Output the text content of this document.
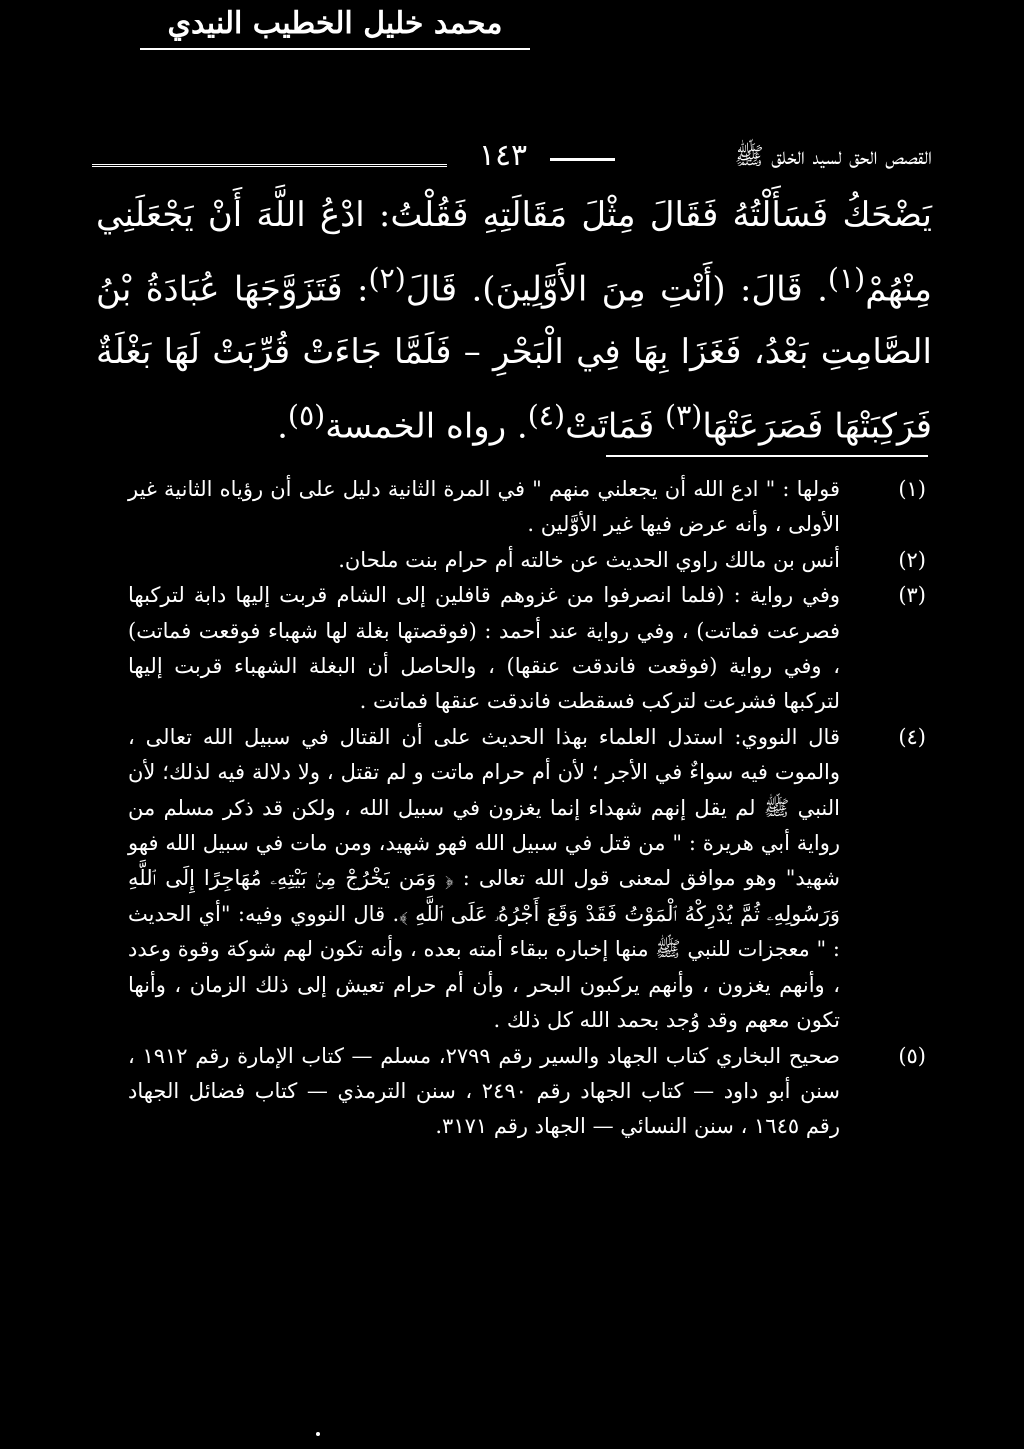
محمد خليل الخطيب النيدي
١٤٣	القصص الحق لسيد الخلق ﷺ

يَضْحَكُ فَسَأَلْتُهُ فَقَالَ مِثْلَ مَقَالَتِهِ فَقُلْتُ: ادْعُ اللَّهَ أَنْ يَجْعَلَنِي مِنْهُمْ$^{(١)}$. قَالَ: (أَنْتِ مِنَ الأَوَّلِينَ). قَالَ$^{(٢)}$: فَتَزَوَّجَهَا عُبَادَةُ بْنُ الصَّامِتِ بَعْدُ، فَغَزَا بِهَا فِي الْبَحْرِ – فَلَمَّا جَاءَتْ قُرِّبَتْ لَهَا بَغْلَةٌ فَرَكِبَتْهَا فَصَرَعَتْهَا$^{(٣)}$ فَمَاتَتْ$^{(٤)}$. رواه الخمسة$^{(٥)}$.

(١)
قولها : " ادع الله أن يجعلني منهم " في المرة الثانية دليل على أن رؤياه الثانية غير الأولى ، وأنه عرض فيها غير الأوَّلين .

(٢)
أنس بن مالك راوي الحديث عن خالته أم حرام بنت ملحان.

(٣)
وفي رواية : (فلما انصرفوا من غزوهم قافلين إلى الشام قربت إليها دابة لتركبها فصرعت فماتت) ، وفي رواية عند أحمد : (فوقصتها بغلة لها شهباء فوقعت فماتت) ، وفي رواية (فوقعت فاندقت عنقها) ، والحاصل أن البغلة الشهباء قربت إليها لتركبها فشرعت لتركب فسقطت فاندقت عنقها فماتت .

(٤)
قال النووي: استدل العلماء بهذا الحديث على أن القتال في سبيل الله تعالى ، والموت فيه سواءٌ في الأجر ؛ لأن أم حرام ماتت و لم تقتل ، ولا دلالة فيه لذلك؛ لأن النبي ﷺ لم يقل إنهم شهداء إنما يغزون في سبيل الله ، ولكن قد ذكر مسلم من رواية أبي هريرة : " من قتل في سبيل الله فهو شهيد، ومن مات في سبيل الله فهو شهيد" وهو موافق لمعنى قول الله تعالى : ﴿ وَمَن يَخْرُجْ مِنۢ بَيْتِهِۦ مُهَاجِرًا إِلَى ٱللَّهِ وَرَسُولِهِۦ ثُمَّ يُدْرِكْهُ ٱلْمَوْتُ فَقَدْ وَقَعَ أَجْرُهُۥ عَلَى ٱللَّهِ ﴾. قال النووي وفيه: "أي الحديث : " معجزات للنبي ﷺ منها إخباره ببقاء أمته بعده ، وأنه تكون لهم شوكة وقوة وعدد ، وأنهم يغزون ، وأنهم يركبون البحر ، وأن أم حرام تعيش إلى ذلك الزمان ، وأنها تكون معهم وقد وُجد بحمد الله كل ذلك .

(٥)
صحيح البخاري كتاب الجهاد والسير رقم ٢٧٩٩، مسلم — كتاب الإمارة رقم ١٩١٢ ، سنن أبو داود — كتاب الجهاد رقم ٢٤٩٠ ، سنن الترمذي — كتاب فضائل الجهاد رقم ١٦٤٥ ، سنن النسائي — الجهاد رقم ٣١٧١.
